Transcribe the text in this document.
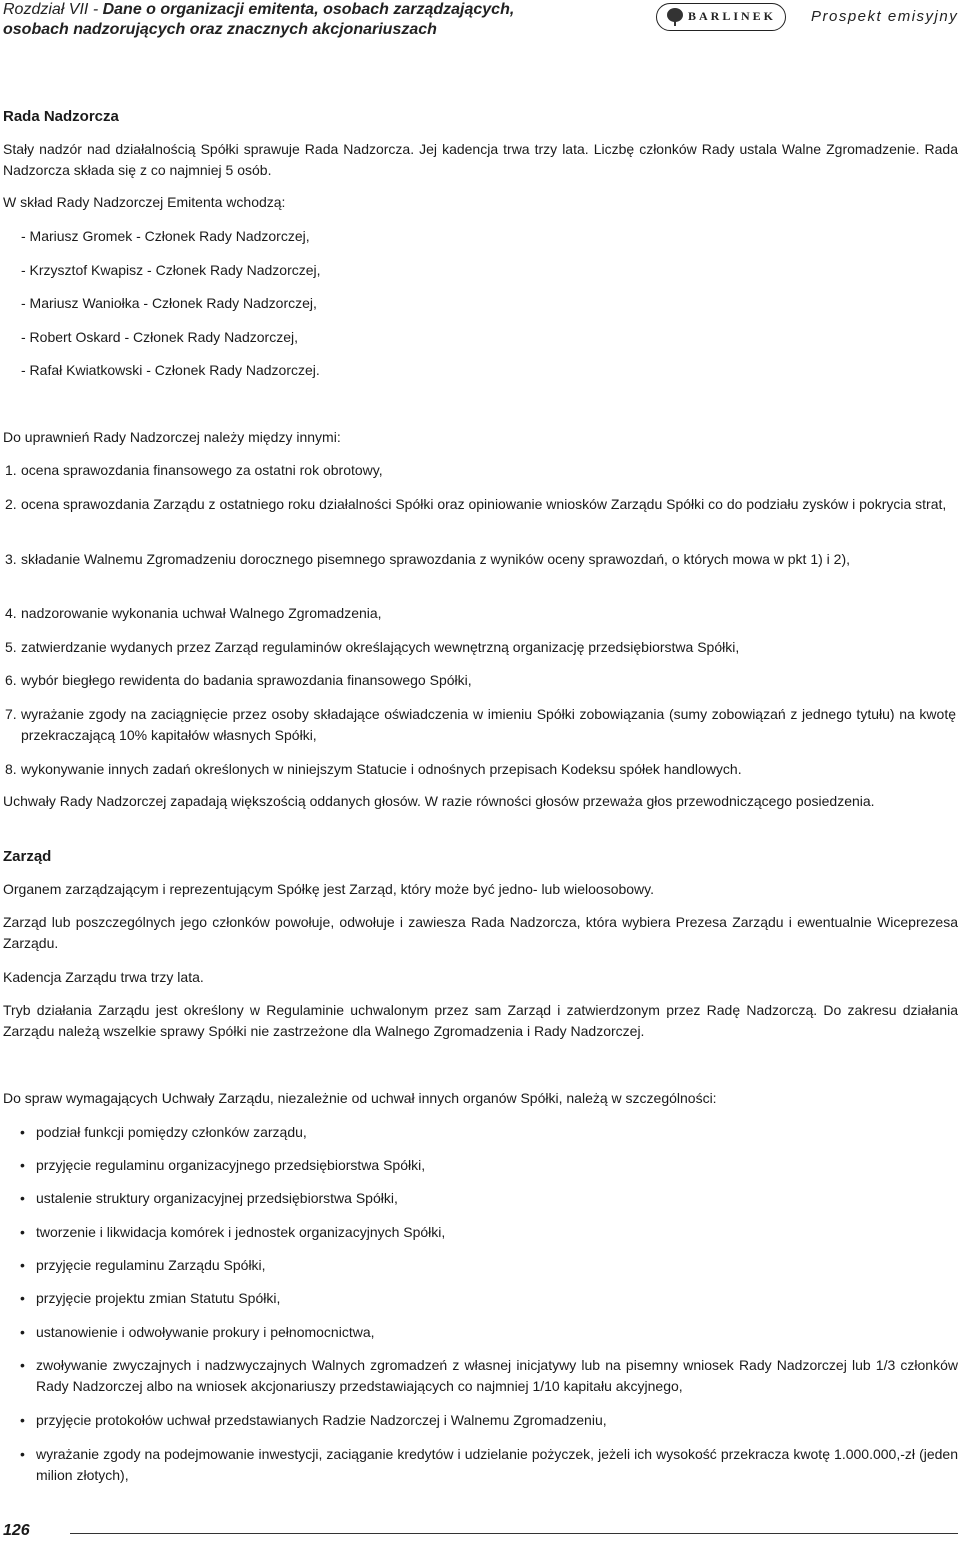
Rozdział VII - Dane o organizacji emitenta, osobach zarządzających,
osobach nadzorujących oraz znacznych akcjonariuszach
BARLINEK Prospekt emisyjny

Rada Nadzorcza

Stały nadzór nad działalnością Spółki sprawuje Rada Nadzorcza. Jej kadencja trwa trzy lata. Liczbę członków Rady ustala Walne Zgromadzenie. Rada Nadzorcza składa się z co najmniej 5 osób.

W skład Rady Nadzorczej Emitenta wchodzą:

- Mariusz Gromek - Członek Rady Nadzorczej,
- Krzysztof Kwapisz - Członek Rady Nadzorczej,
- Mariusz Waniołka - Członek Rady Nadzorczej,
- Robert Oskard - Członek Rady Nadzorczej,
- Rafał Kwiatkowski - Członek Rady Nadzorczej.

Do uprawnień Rady Nadzorczej należy między innymi:

1. ocena sprawozdania finansowego za ostatni rok obrotowy,
2. ocena sprawozdania Zarządu z ostatniego roku działalności Spółki oraz opiniowanie wniosków Zarządu Spółki co do podziału zysków i pokrycia strat,
3. składanie Walnemu Zgromadzeniu dorocznego pisemnego sprawozdania z wyników oceny sprawozdań, o których mowa w pkt 1) i 2),
4. nadzorowanie wykonania uchwał Walnego Zgromadzenia,
5. zatwierdzanie wydanych przez Zarząd regulaminów określających wewnętrzną organizację przedsiębiorstwa Spółki,
6. wybór biegłego rewidenta do badania sprawozdania finansowego Spółki,
7. wyrażanie zgody na zaciągnięcie przez osoby składające oświadczenia w imieniu Spółki zobowiązania (sumy zobowiązań z jednego tytułu) na kwotę przekraczającą 10% kapitałów własnych Spółki,
8. wykonywanie innych zadań określonych w niniejszym Statucie i odnośnych przepisach Kodeksu spółek handlowych.

Uchwały Rady Nadzorczej zapadają większością oddanych głosów. W razie równości głosów przeważa głos przewodniczącego posiedzenia.

Zarząd

Organem zarządzającym i reprezentującym Spółkę jest Zarząd, który może być jedno- lub wieloosobowy.

Zarząd lub poszczególnych jego członków powołuje, odwołuje i zawiesza Rada Nadzorcza, która wybiera Prezesa Zarządu i ewentualnie Wiceprezesa Zarządu.

Kadencja Zarządu trwa trzy lata.

Tryb działania Zarządu jest określony w Regulaminie uchwalonym przez sam Zarząd i zatwierdzonym przez Radę Nadzorczą. Do zakresu działania Zarządu należą wszelkie sprawy Spółki nie zastrzeżone dla Walnego Zgromadzenia i Rady Nadzorczej.

Do spraw wymagających Uchwały Zarządu, niezależnie od uchwał innych organów Spółki, należą w szczególności:

• podział funkcji pomiędzy członków zarządu,
• przyjęcie regulaminu organizacyjnego przedsiębiorstwa Spółki,
• ustalenie struktury organizacyjnej przedsiębiorstwa Spółki,
• tworzenie i likwidacja komórek i jednostek organizacyjnych Spółki,
• przyjęcie regulaminu Zarządu Spółki,
• przyjęcie projektu zmian Statutu Spółki,
• ustanowienie i odwoływanie prokury i pełnomocnictwa,
• zwoływanie zwyczajnych i nadzwyczajnych Walnych zgromadzeń z własnej inicjatywy lub na pisemny wniosek Rady Nadzorczej lub 1/3 członków Rady Nadzorczej albo na wniosek akcjonariuszy przedstawiających co najmniej 1/10 kapitału akcyjnego,
• przyjęcie protokołów uchwał przedstawianych Radzie Nadzorczej i Walnemu Zgromadzeniu,
• wyrażanie zgody na podejmowanie inwestycji, zaciąganie kredytów i udzielanie pożyczek, jeżeli ich wysokość przekracza kwotę 1.000.000,-zł (jeden milion złotych),
126
